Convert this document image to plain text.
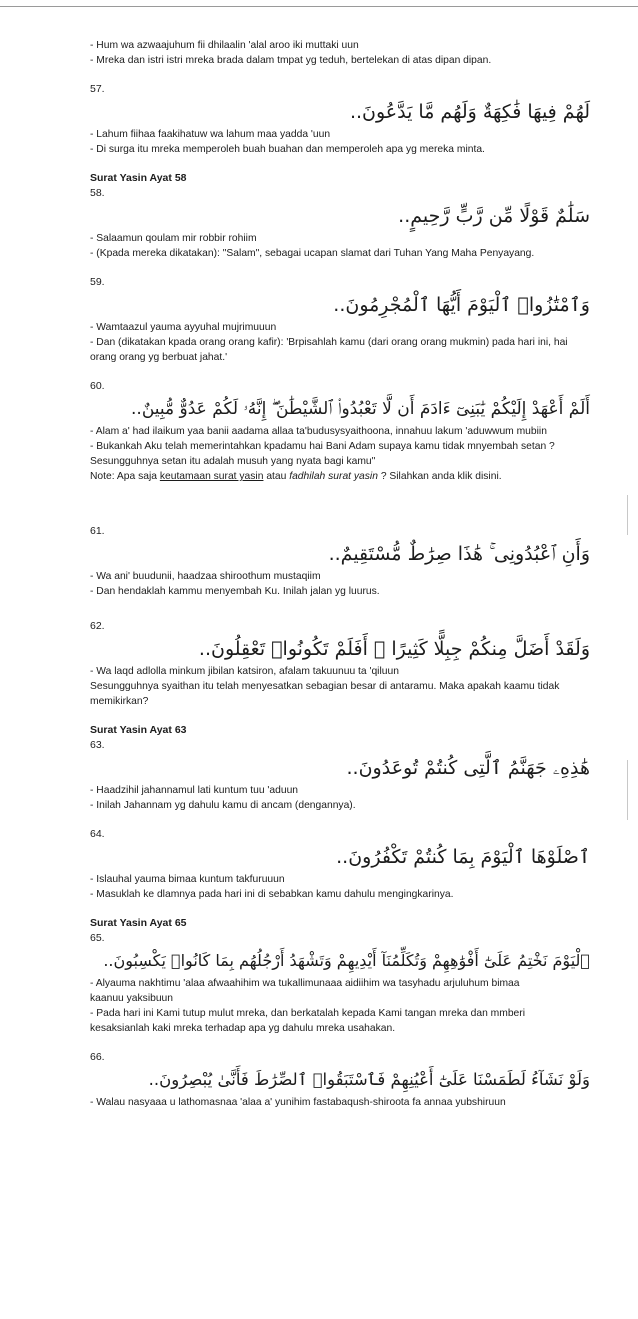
- Hum wa azwaajuhum fii dhilaalin 'alal aroo iki muttaki uun

- Mreka dan istri istri mreka brada dalam tmpat yg teduh, bertelekan di atas dipan dipan.

57.

لَهُمْ فِيهَا فَٰكِهَةٌ وَلَهُم مَّا يَدَّعُونَ..

- Lahum fiihaa faakihatuw wa lahum maa yadda 'uun

- Di surga itu mreka memperoleh buah buahan dan memperoleh apa yg mereka minta.

Surat Yasin Ayat 58

58.

سَلَٰمٌ قَوْلًا مِّن رَّبٍّ رَّحِيمٍ..

- Salaamun qoulam mir robbir rohiim

- (Kpada mereka dikatakan): "Salam", sebagai ucapan slamat dari Tuhan Yang Maha Penyayang.

59.

وَٱمْتَٰزُوا۟ ٱلْيَوْمَ أَيُّهَا ٱلْمُجْرِمُونَ..

- Wamtaazul yauma ayyuhal mujrimuuun

- Dan (dikatakan kpada orang orang kafir): 'Brpisahlah kamu (dari orang orang mukmin) pada hari ini, hai orang orang yg berbuat jahat.'

60.

أَلَمْ أَعْهَدْ إِلَيْكُمْ يَٰبَنِىٓ ءَادَمَ أَن لَّا تَعْبُدُوا۟ ٱلشَّيْطَٰنَ ۖ إِنَّهُۥ لَكُمْ عَدُوٌّ مُّبِينٌ..

- Alam a' had ilaikum yaa banii aadama allaa ta'budusysyaithoona, innahuu lakum 'aduwwum mubiin

- Bukankah Aku telah memerintahkan kpadamu hai Bani Adam supaya kamu tidak mnyembah setan ? Sesungguhnya setan itu adalah musuh yang nyata bagi kamu"

Note: Apa saja keutamaan surat yasin atau fadhilah surat yasin ? Silahkan anda klik disini.

61.

وَأَنِ ٱعْبُدُونِى ۚ هَٰذَا صِرَٰطٌ مُّسْتَقِيمٌ..

- Wa ani' buudunii, haadzaa shiroothum mustaqiim

- Dan hendaklah kammu menyembah Ku. Inilah jalan yg luurus.

62.

وَلَقَدْ أَضَلَّ مِنكُمْ جِبِلًّا كَثِيرًا ۖ أَفَلَمْ تَكُونُوا۟ تَعْقِلُونَ..

- Wa laqd adlolla minkum jibilan katsiron, afalam takuunuu ta 'qiluun

Sesungguhnya syaithan itu telah menyesatkan sebagian besar di antaramu. Maka apakah kaamu tidak memikirkan?

Surat Yasin Ayat 63

63.

هَٰذِهِۦ جَهَنَّمُ ٱلَّتِى كُنتُمْ تُوعَدُونَ..

- Haadzihil jahannamul lati kuntum tuu 'aduun

- Inilah Jahannam yg dahulu kamu di ancam (dengannya).

64.

ٱصْلَوْهَا ٱلْيَوْمَ بِمَا كُنتُمْ تَكْفُرُونَ..

- Islauhal yauma bimaa kuntum takfuruuun

- Masuklah ke dlamnya pada hari ini di sebabkan kamu dahulu mengingkarinya.

Surat Yasin Ayat 65

65.

ٱلْيَوْمَ نَخْتِمُ عَلَىٰٓ أَفْوَٰهِهِمْ وَتُكَلِّمُنَآ أَيْدِيهِمْ وَتَشْهَدُ أَرْجُلُهُم بِمَا كَانُوا۟ يَكْسِبُونَ..

- Alyauma nakhtimu 'alaa afwaahihim wa tukallimunaaa aidiihim wa tasyhadu arjuluhum bimaa kaanuu yaksibuun

- Pada hari ini Kami tutup mulut mreka, dan berkatalah kepada Kami tangan mreka dan mmberi kesaksianlah kaki mreka terhadap apa yg dahulu mreka usahakan.

66.

وَلَوْ نَشَآءُ لَطَمَسْنَا عَلَىٰٓ أَعْيُنِهِمْ فَٱسْتَبَقُوا۟ ٱلصِّرَٰطَ فَأَنَّىٰ يُبْصِرُونَ..

- Walau nasyaaa u lathomasnaa 'alaa a' yunihim fastabaqush-shiroota fa annaa yubshiruun
